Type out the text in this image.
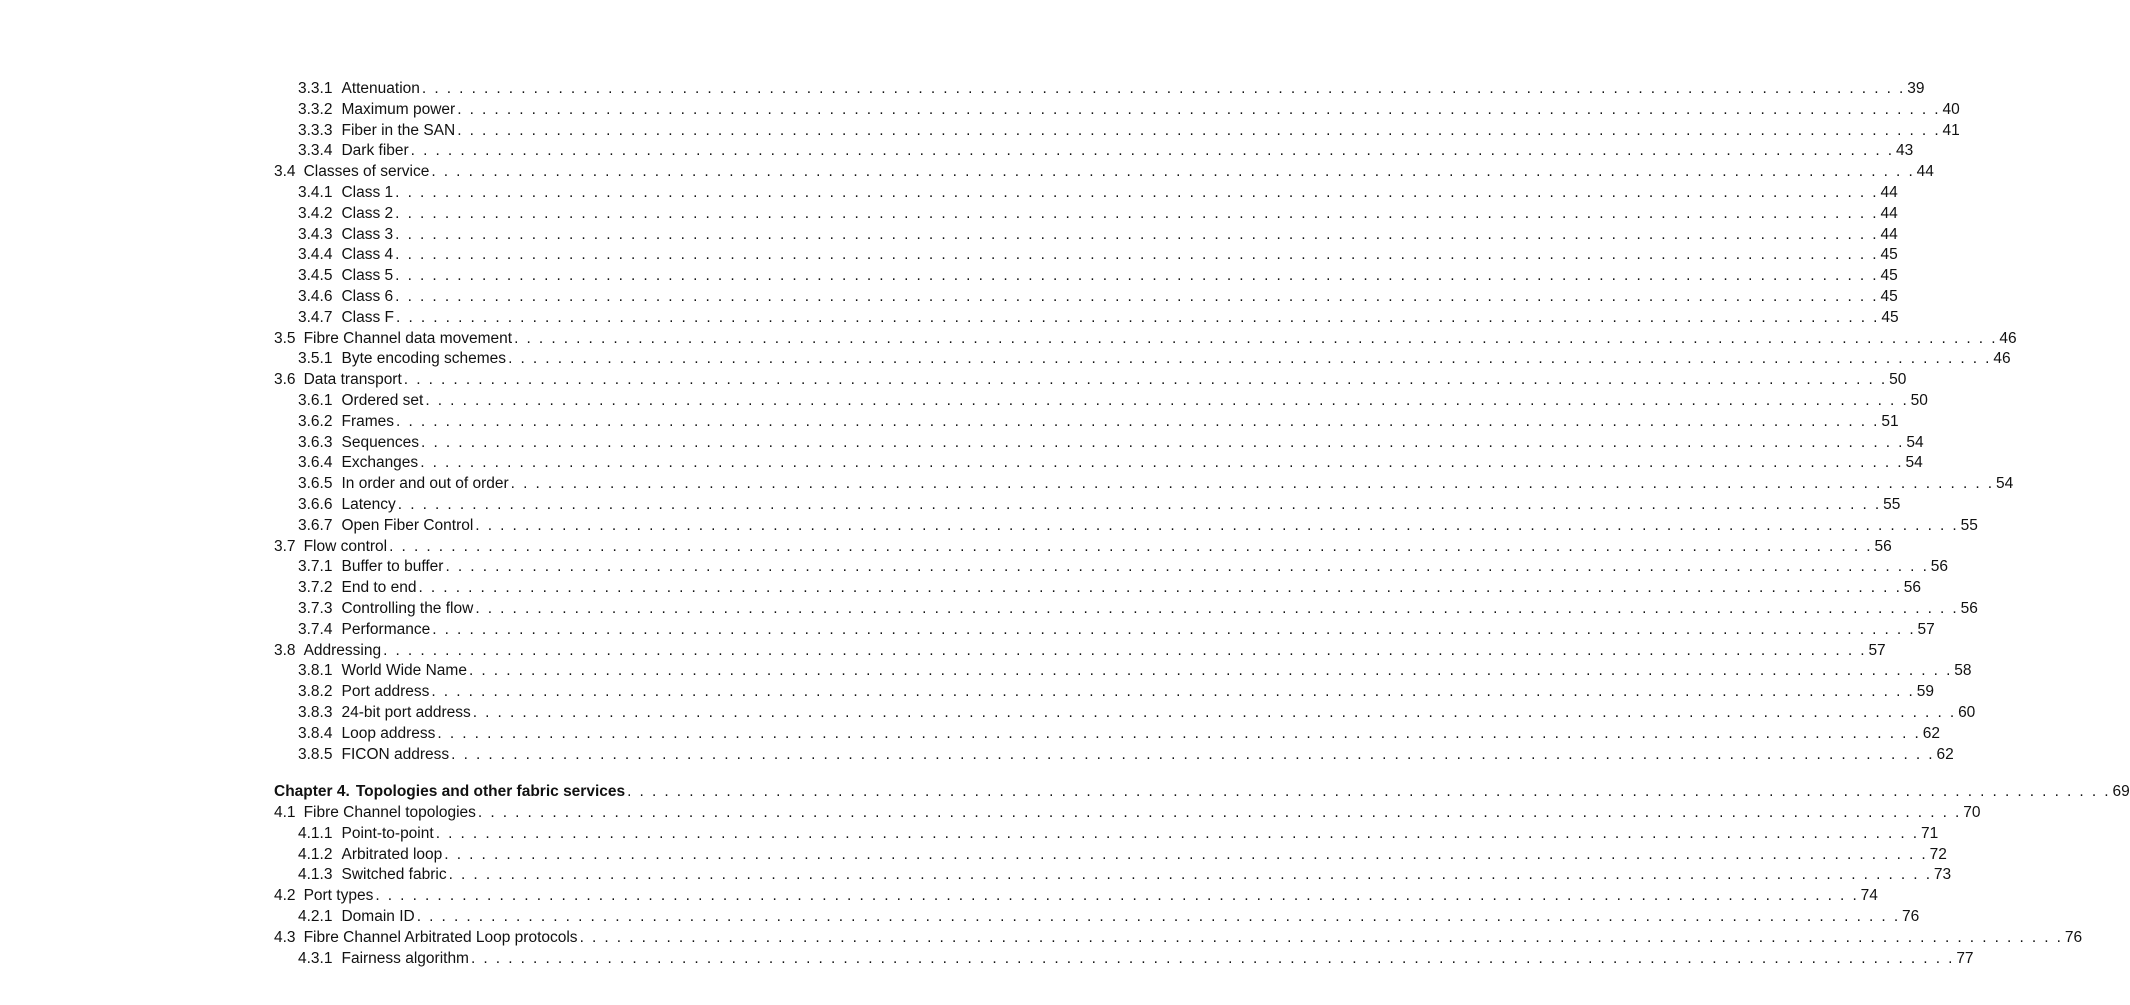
3.3.1 Attenuation . . . . . . . . . . . . . . . . . . . . . . . . . . . . . . . . . . . . . . . . . . . . . . . . . . . . . . . . . . . . . . . . . . . . . . . . . . . . . . . . . . . . . . . . . . . . . . . . . . . . . . . . . . . . . . . . . . . . . . . . 39
3.3.2 Maximum power . . . . . . . . . . . . . . . . . . . . . . . . . . . . . . . . . . . . . . . . . . . . . . . . . . . . . . . . . . . . . . . . . . . . . . . . . . . . . . . . . . . . . . . . . . . . . . . . . . . . . . . . . . . . . . . . . . . . . . . . 40
3.3.3 Fiber in the SAN . . . . . . . . . . . . . . . . . . . . . . . . . . . . . . . . . . . . . . . . . . . . . . . . . . . . . . . . . . . . . . . . . . . . . . . . . . . . . . . . . . . . . . . . . . . . . . . . . . . . . . . . . . . . . . . . . . . . . . . . 41
3.3.4 Dark fiber . . . . . . . . . . . . . . . . . . . . . . . . . . . . . . . . . . . . . . . . . . . . . . . . . . . . . . . . . . . . . . . . . . . . . . . . . . . . . . . . . . . . . . . . . . . . . . . . . . . . . . . . . . . . . . . . . . . . . . . . 43
3.4 Classes of service . . . . . . . . . . . . . . . . . . . . . . . . . . . . . . . . . . . . . . . . . . . . . . . . . . . . . . . . . . . . . . . . . . . . . . . . . . . . . . . . . . . . . . . . . . . . . . . . . . . . . . . . . . . . . . . . . . . . . . . . 44
3.4.1 Class 1 . . . . . . . . . . . . . . . . . . . . . . . . . . . . . . . . . . . . . . . . . . . . . . . . . . . . . . . . . . . . . . . . . . . . . . . . . . . . . . . . . . . . . . . . . . . . . . . . . . . . . . . . . . . . . . . . . . . . . . . . 44
3.4.2 Class 2 . . . . . . . . . . . . . . . . . . . . . . . . . . . . . . . . . . . . . . . . . . . . . . . . . . . . . . . . . . . . . . . . . . . . . . . . . . . . . . . . . . . . . . . . . . . . . . . . . . . . . . . . . . . . . . . . . . . . . . . . 44
3.4.3 Class 3 . . . . . . . . . . . . . . . . . . . . . . . . . . . . . . . . . . . . . . . . . . . . . . . . . . . . . . . . . . . . . . . . . . . . . . . . . . . . . . . . . . . . . . . . . . . . . . . . . . . . . . . . . . . . . . . . . . . . . . . . 44
3.4.4 Class 4 . . . . . . . . . . . . . . . . . . . . . . . . . . . . . . . . . . . . . . . . . . . . . . . . . . . . . . . . . . . . . . . . . . . . . . . . . . . . . . . . . . . . . . . . . . . . . . . . . . . . . . . . . . . . . . . . . . . . . . . . 45
3.4.5 Class 5 . . . . . . . . . . . . . . . . . . . . . . . . . . . . . . . . . . . . . . . . . . . . . . . . . . . . . . . . . . . . . . . . . . . . . . . . . . . . . . . . . . . . . . . . . . . . . . . . . . . . . . . . . . . . . . . . . . . . . . . . 45
3.4.6 Class 6 . . . . . . . . . . . . . . . . . . . . . . . . . . . . . . . . . . . . . . . . . . . . . . . . . . . . . . . . . . . . . . . . . . . . . . . . . . . . . . . . . . . . . . . . . . . . . . . . . . . . . . . . . . . . . . . . . . . . . . . . 45
3.4.7 Class F . . . . . . . . . . . . . . . . . . . . . . . . . . . . . . . . . . . . . . . . . . . . . . . . . . . . . . . . . . . . . . . . . . . . . . . . . . . . . . . . . . . . . . . . . . . . . . . . . . . . . . . . . . . . . . . . . . . . . . . . 45
3.5 Fibre Channel data movement . . . . . . . . . . . . . . . . . . . . . . . . . . . . . . . . . . . . . . . . . . . . . . . . . . . . . . . . . . . . . . . . . . . . . . . . . . . . . . . . . . . . . . . . . . . . . . . . . . . . . . . . . . . . . . . . . . . . . . . . 46
3.5.1 Byte encoding schemes . . . . . . . . . . . . . . . . . . . . . . . . . . . . . . . . . . . . . . . . . . . . . . . . . . . . . . . . . . . . . . . . . . . . . . . . . . . . . . . . . . . . . . . . . . . . . . . . . . . . . . . . . . . . . . . . . . . . . . . . 46
3.6 Data transport . . . . . . . . . . . . . . . . . . . . . . . . . . . . . . . . . . . . . . . . . . . . . . . . . . . . . . . . . . . . . . . . . . . . . . . . . . . . . . . . . . . . . . . . . . . . . . . . . . . . . . . . . . . . . . . . . . . . . . . . 50
3.6.1 Ordered set . . . . . . . . . . . . . . . . . . . . . . . . . . . . . . . . . . . . . . . . . . . . . . . . . . . . . . . . . . . . . . . . . . . . . . . . . . . . . . . . . . . . . . . . . . . . . . . . . . . . . . . . . . . . . . . . . . . . . . . . 50
3.6.2 Frames . . . . . . . . . . . . . . . . . . . . . . . . . . . . . . . . . . . . . . . . . . . . . . . . . . . . . . . . . . . . . . . . . . . . . . . . . . . . . . . . . . . . . . . . . . . . . . . . . . . . . . . . . . . . . . . . . . . . . . . . 51
3.6.3 Sequences . . . . . . . . . . . . . . . . . . . . . . . . . . . . . . . . . . . . . . . . . . . . . . . . . . . . . . . . . . . . . . . . . . . . . . . . . . . . . . . . . . . . . . . . . . . . . . . . . . . . . . . . . . . . . . . . . . . . . . . . 54
3.6.4 Exchanges . . . . . . . . . . . . . . . . . . . . . . . . . . . . . . . . . . . . . . . . . . . . . . . . . . . . . . . . . . . . . . . . . . . . . . . . . . . . . . . . . . . . . . . . . . . . . . . . . . . . . . . . . . . . . . . . . . . . . . . . 54
3.6.5 In order and out of order . . . . . . . . . . . . . . . . . . . . . . . . . . . . . . . . . . . . . . . . . . . . . . . . . . . . . . . . . . . . . . . . . . . . . . . . . . . . . . . . . . . . . . . . . . . . . . . . . . . . . . . . . . . . . . . . . . . . . . . . 54
3.6.6 Latency . . . . . . . . . . . . . . . . . . . . . . . . . . . . . . . . . . . . . . . . . . . . . . . . . . . . . . . . . . . . . . . . . . . . . . . . . . . . . . . . . . . . . . . . . . . . . . . . . . . . . . . . . . . . . . . . . . . . . . . . 55
3.6.7 Open Fiber Control . . . . . . . . . . . . . . . . . . . . . . . . . . . . . . . . . . . . . . . . . . . . . . . . . . . . . . . . . . . . . . . . . . . . . . . . . . . . . . . . . . . . . . . . . . . . . . . . . . . . . . . . . . . . . . . . . . . . . . . . 55
3.7 Flow control . . . . . . . . . . . . . . . . . . . . . . . . . . . . . . . . . . . . . . . . . . . . . . . . . . . . . . . . . . . . . . . . . . . . . . . . . . . . . . . . . . . . . . . . . . . . . . . . . . . . . . . . . . . . . . . . . . . . . . . . 56
3.7.1 Buffer to buffer . . . . . . . . . . . . . . . . . . . . . . . . . . . . . . . . . . . . . . . . . . . . . . . . . . . . . . . . . . . . . . . . . . . . . . . . . . . . . . . . . . . . . . . . . . . . . . . . . . . . . . . . . . . . . . . . . . . . . . . . 56
3.7.2 End to end . . . . . . . . . . . . . . . . . . . . . . . . . . . . . . . . . . . . . . . . . . . . . . . . . . . . . . . . . . . . . . . . . . . . . . . . . . . . . . . . . . . . . . . . . . . . . . . . . . . . . . . . . . . . . . . . . . . . . . . . 56
3.7.3 Controlling the flow . . . . . . . . . . . . . . . . . . . . . . . . . . . . . . . . . . . . . . . . . . . . . . . . . . . . . . . . . . . . . . . . . . . . . . . . . . . . . . . . . . . . . . . . . . . . . . . . . . . . . . . . . . . . . . . . . . . . . . . . 56
3.7.4 Performance . . . . . . . . . . . . . . . . . . . . . . . . . . . . . . . . . . . . . . . . . . . . . . . . . . . . . . . . . . . . . . . . . . . . . . . . . . . . . . . . . . . . . . . . . . . . . . . . . . . . . . . . . . . . . . . . . . . . . . . . 57
3.8 Addressing . . . . . . . . . . . . . . . . . . . . . . . . . . . . . . . . . . . . . . . . . . . . . . . . . . . . . . . . . . . . . . . . . . . . . . . . . . . . . . . . . . . . . . . . . . . . . . . . . . . . . . . . . . . . . . . . . . . . . . . . 57
3.8.1 World Wide Name . . . . . . . . . . . . . . . . . . . . . . . . . . . . . . . . . . . . . . . . . . . . . . . . . . . . . . . . . . . . . . . . . . . . . . . . . . . . . . . . . . . . . . . . . . . . . . . . . . . . . . . . . . . . . . . . . . . . . . . . 58
3.8.2 Port address . . . . . . . . . . . . . . . . . . . . . . . . . . . . . . . . . . . . . . . . . . . . . . . . . . . . . . . . . . . . . . . . . . . . . . . . . . . . . . . . . . . . . . . . . . . . . . . . . . . . . . . . . . . . . . . . . . . . . . . . 59
3.8.3 24-bit port address . . . . . . . . . . . . . . . . . . . . . . . . . . . . . . . . . . . . . . . . . . . . . . . . . . . . . . . . . . . . . . . . . . . . . . . . . . . . . . . . . . . . . . . . . . . . . . . . . . . . . . . . . . . . . . . . . . . . . . . . 60
3.8.4 Loop address . . . . . . . . . . . . . . . . . . . . . . . . . . . . . . . . . . . . . . . . . . . . . . . . . . . . . . . . . . . . . . . . . . . . . . . . . . . . . . . . . . . . . . . . . . . . . . . . . . . . . . . . . . . . . . . . . . . . . . . . 62
3.8.5 FICON address . . . . . . . . . . . . . . . . . . . . . . . . . . . . . . . . . . . . . . . . . . . . . . . . . . . . . . . . . . . . . . . . . . . . . . . . . . . . . . . . . . . . . . . . . . . . . . . . . . . . . . . . . . . . . . . . . . . . . . . . 62
Chapter 4. Topologies and other fabric services . . . . . . . . . . . . . . . . . . . . . . . . . . . . . . . . . . . . . . . . . . . . . . . . . . . . . . . . . . . . . . . . . . . . . . . . . . . . . . . . . . . . . . . . . . . . . . . . . . . . . . . . . . . . . . . . . . . . . . . . 69
4.1 Fibre Channel topologies . . . . . . . . . . . . . . . . . . . . . . . . . . . . . . . . . . . . . . . . . . . . . . . . . . . . . . . . . . . . . . . . . . . . . . . . . . . . . . . . . . . . . . . . . . . . . . . . . . . . . . . . . . . . . . . . . . . . . . . . 70
4.1.1 Point-to-point . . . . . . . . . . . . . . . . . . . . . . . . . . . . . . . . . . . . . . . . . . . . . . . . . . . . . . . . . . . . . . . . . . . . . . . . . . . . . . . . . . . . . . . . . . . . . . . . . . . . . . . . . . . . . . . . . . . . . . . . 71
4.1.2 Arbitrated loop . . . . . . . . . . . . . . . . . . . . . . . . . . . . . . . . . . . . . . . . . . . . . . . . . . . . . . . . . . . . . . . . . . . . . . . . . . . . . . . . . . . . . . . . . . . . . . . . . . . . . . . . . . . . . . . . . . . . . . . . 72
4.1.3 Switched fabric . . . . . . . . . . . . . . . . . . . . . . . . . . . . . . . . . . . . . . . . . . . . . . . . . . . . . . . . . . . . . . . . . . . . . . . . . . . . . . . . . . . . . . . . . . . . . . . . . . . . . . . . . . . . . . . . . . . . . . . . 73
4.2 Port types . . . . . . . . . . . . . . . . . . . . . . . . . . . . . . . . . . . . . . . . . . . . . . . . . . . . . . . . . . . . . . . . . . . . . . . . . . . . . . . . . . . . . . . . . . . . . . . . . . . . . . . . . . . . . . . . . . . . . . . . 74
4.2.1 Domain ID . . . . . . . . . . . . . . . . . . . . . . . . . . . . . . . . . . . . . . . . . . . . . . . . . . . . . . . . . . . . . . . . . . . . . . . . . . . . . . . . . . . . . . . . . . . . . . . . . . . . . . . . . . . . . . . . . . . . . . . . 76
4.3 Fibre Channel Arbitrated Loop protocols . . . . . . . . . . . . . . . . . . . . . . . . . . . . . . . . . . . . . . . . . . . . . . . . . . . . . . . . . . . . . . . . . . . . . . . . . . . . . . . . . . . . . . . . . . . . . . . . . . . . . . . . . . . . . . . . . . . . . . . . 76
4.3.1 Fairness algorithm . . . . . . . . . . . . . . . . . . . . . . . . . . . . . . . . . . . . . . . . . . . . . . . . . . . . . . . . . . . . . . . . . . . . . . . . . . . . . . . . . . . . . . . . . . . . . . . . . . . . . . . . . . . . . . . . . . . . . . . . 77
